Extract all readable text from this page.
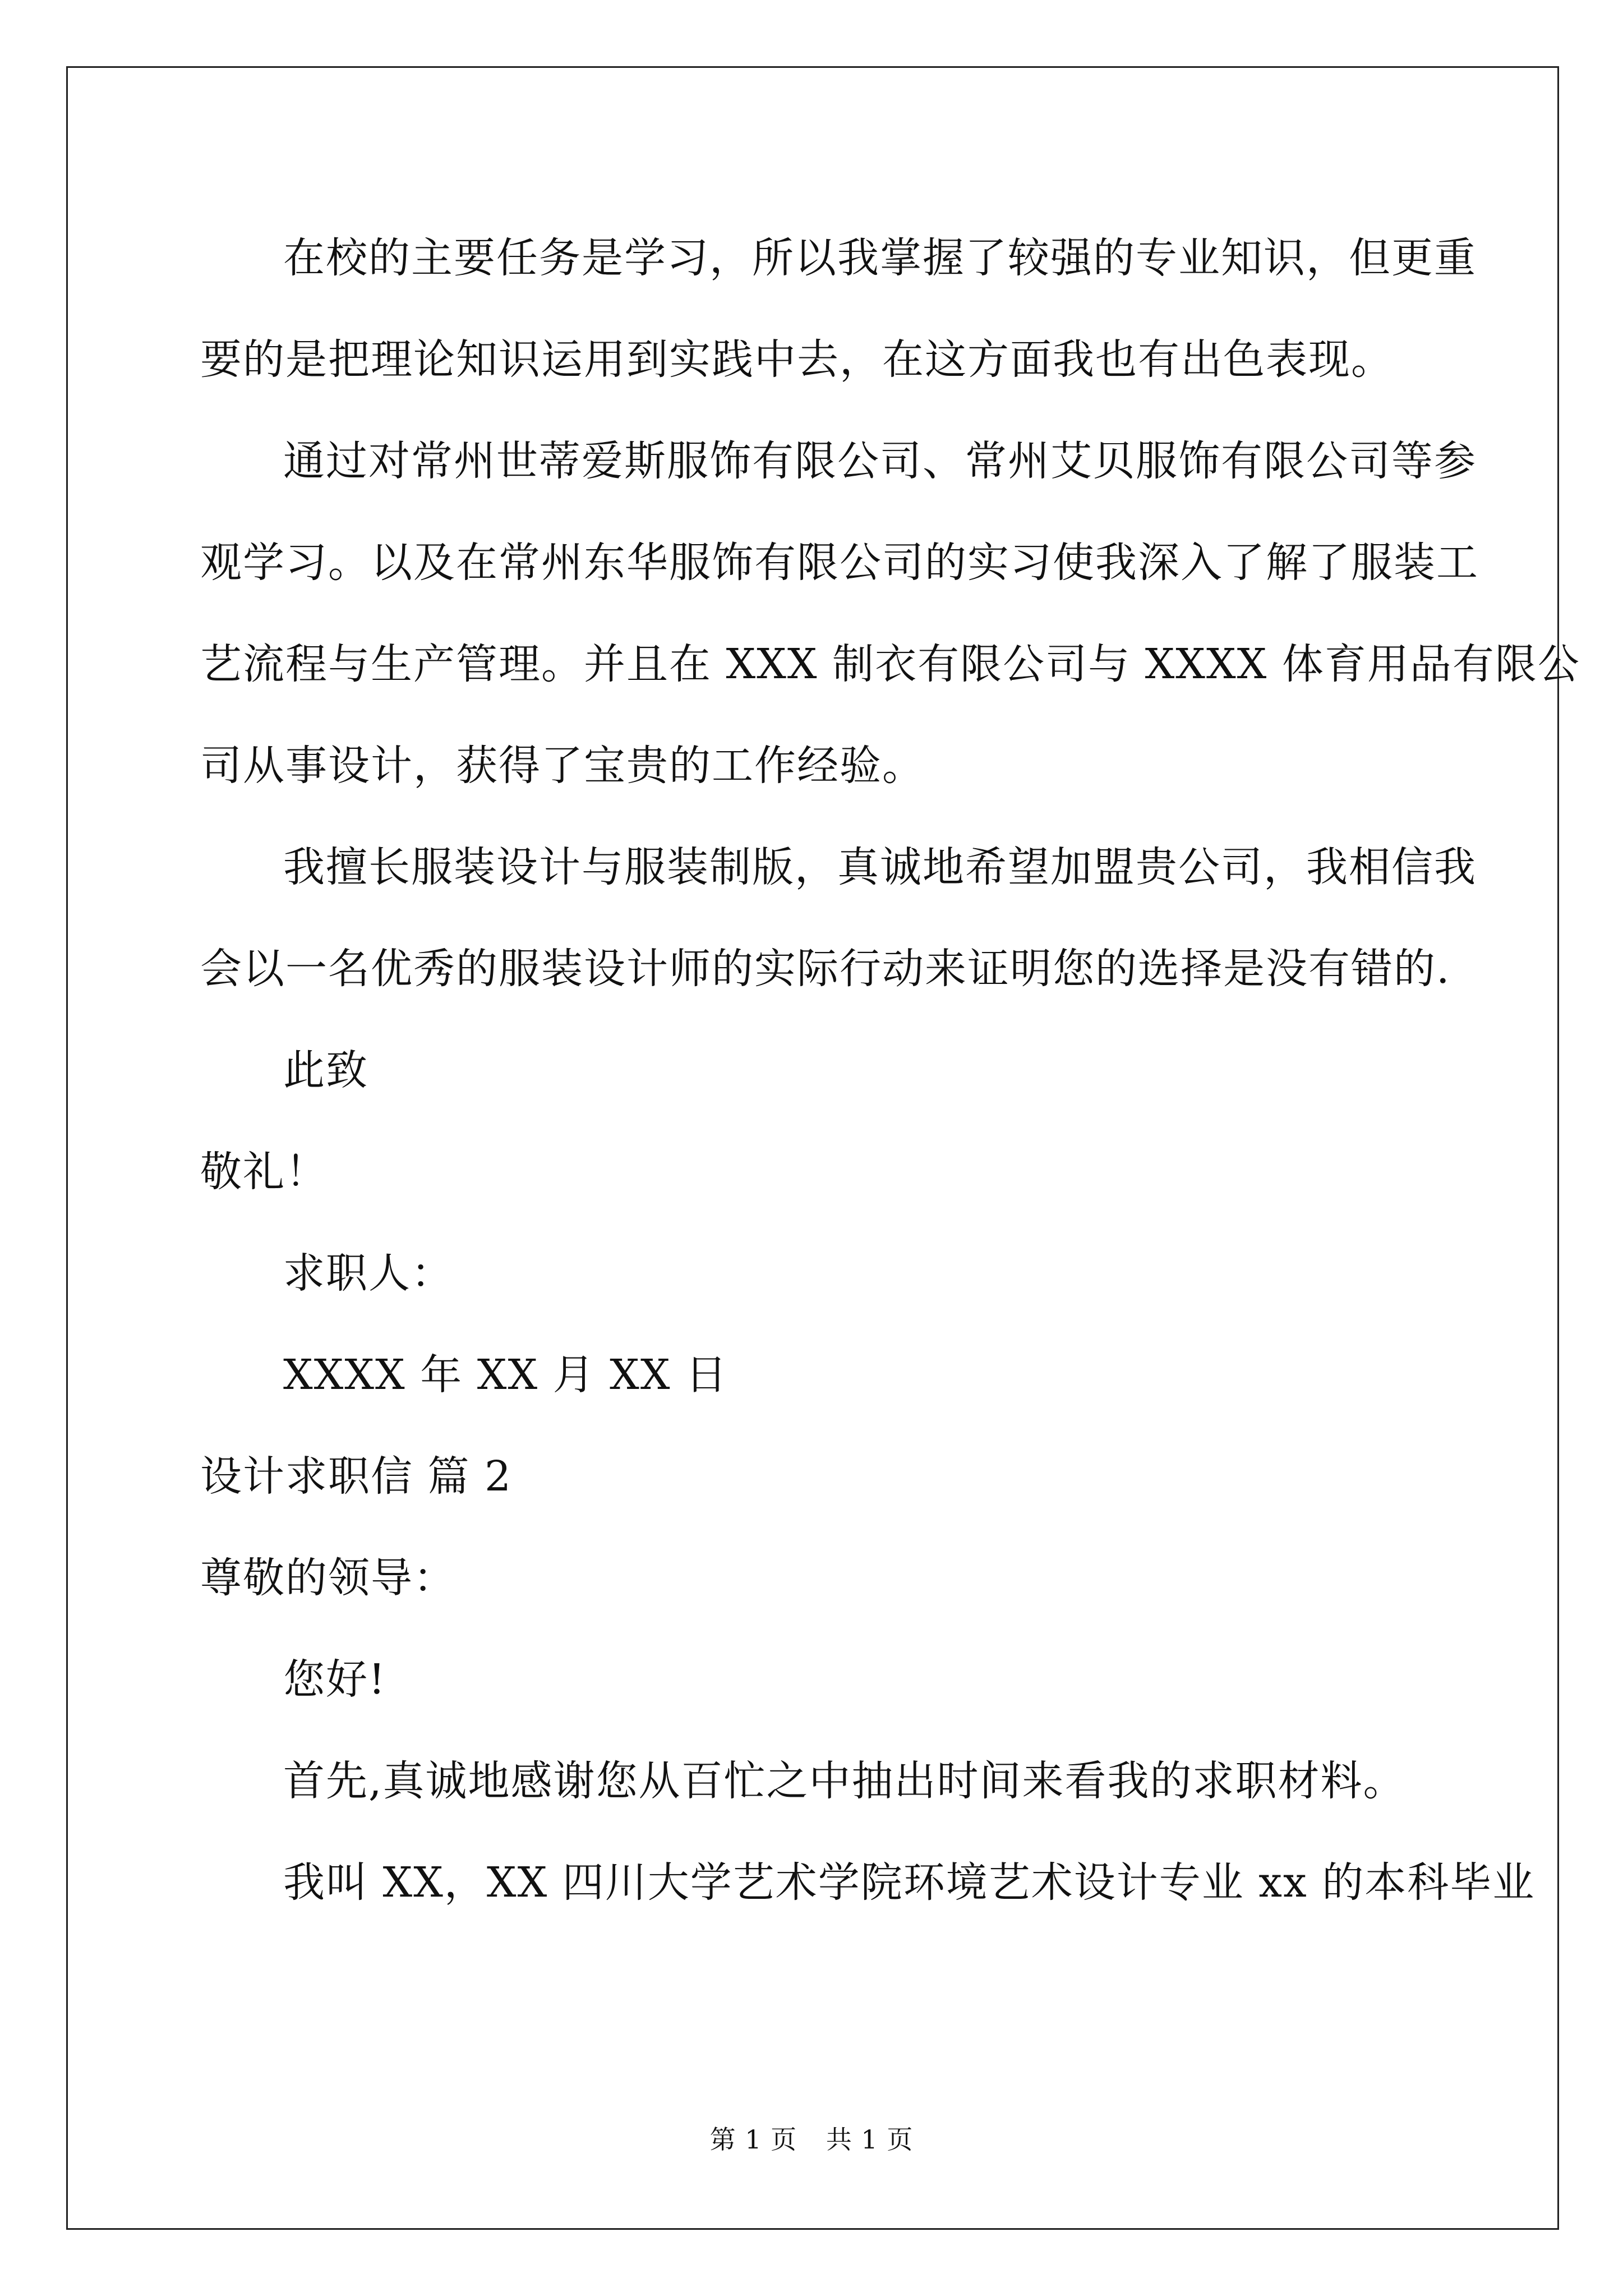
在校的主要任务是学习，所以我掌握了较强的专业知识，但更重

要的是把理论知识运用到实践中去，在这方面我也有出色表现。

通过对常州世蒂爱斯服饰有限公司、常州艾贝服饰有限公司等参

观学习。以及在常州东华服饰有限公司的实习使我深入了解了服装工

艺流程与生产管理。并且在 XXX 制衣有限公司与 XXXX 体育用品有限公

司从事设计，获得了宝贵的工作经验。

我擅长服装设计与服装制版，真诚地希望加盟贵公司，我相信我

会以一名优秀的服装设计师的实际行动来证明您的选择是没有错的.

此致

敬礼！

求职人：

XXXX 年 XX 月 XX 日

设计求职信 篇 2

尊敬的领导：

您好!

首先,真诚地感谢您从百忙之中抽出时间来看我的求职材料。

我叫 XX，XX 四川大学艺术学院环境艺术设计专业 xx 的本科毕业

第 1 页 共 1 页
